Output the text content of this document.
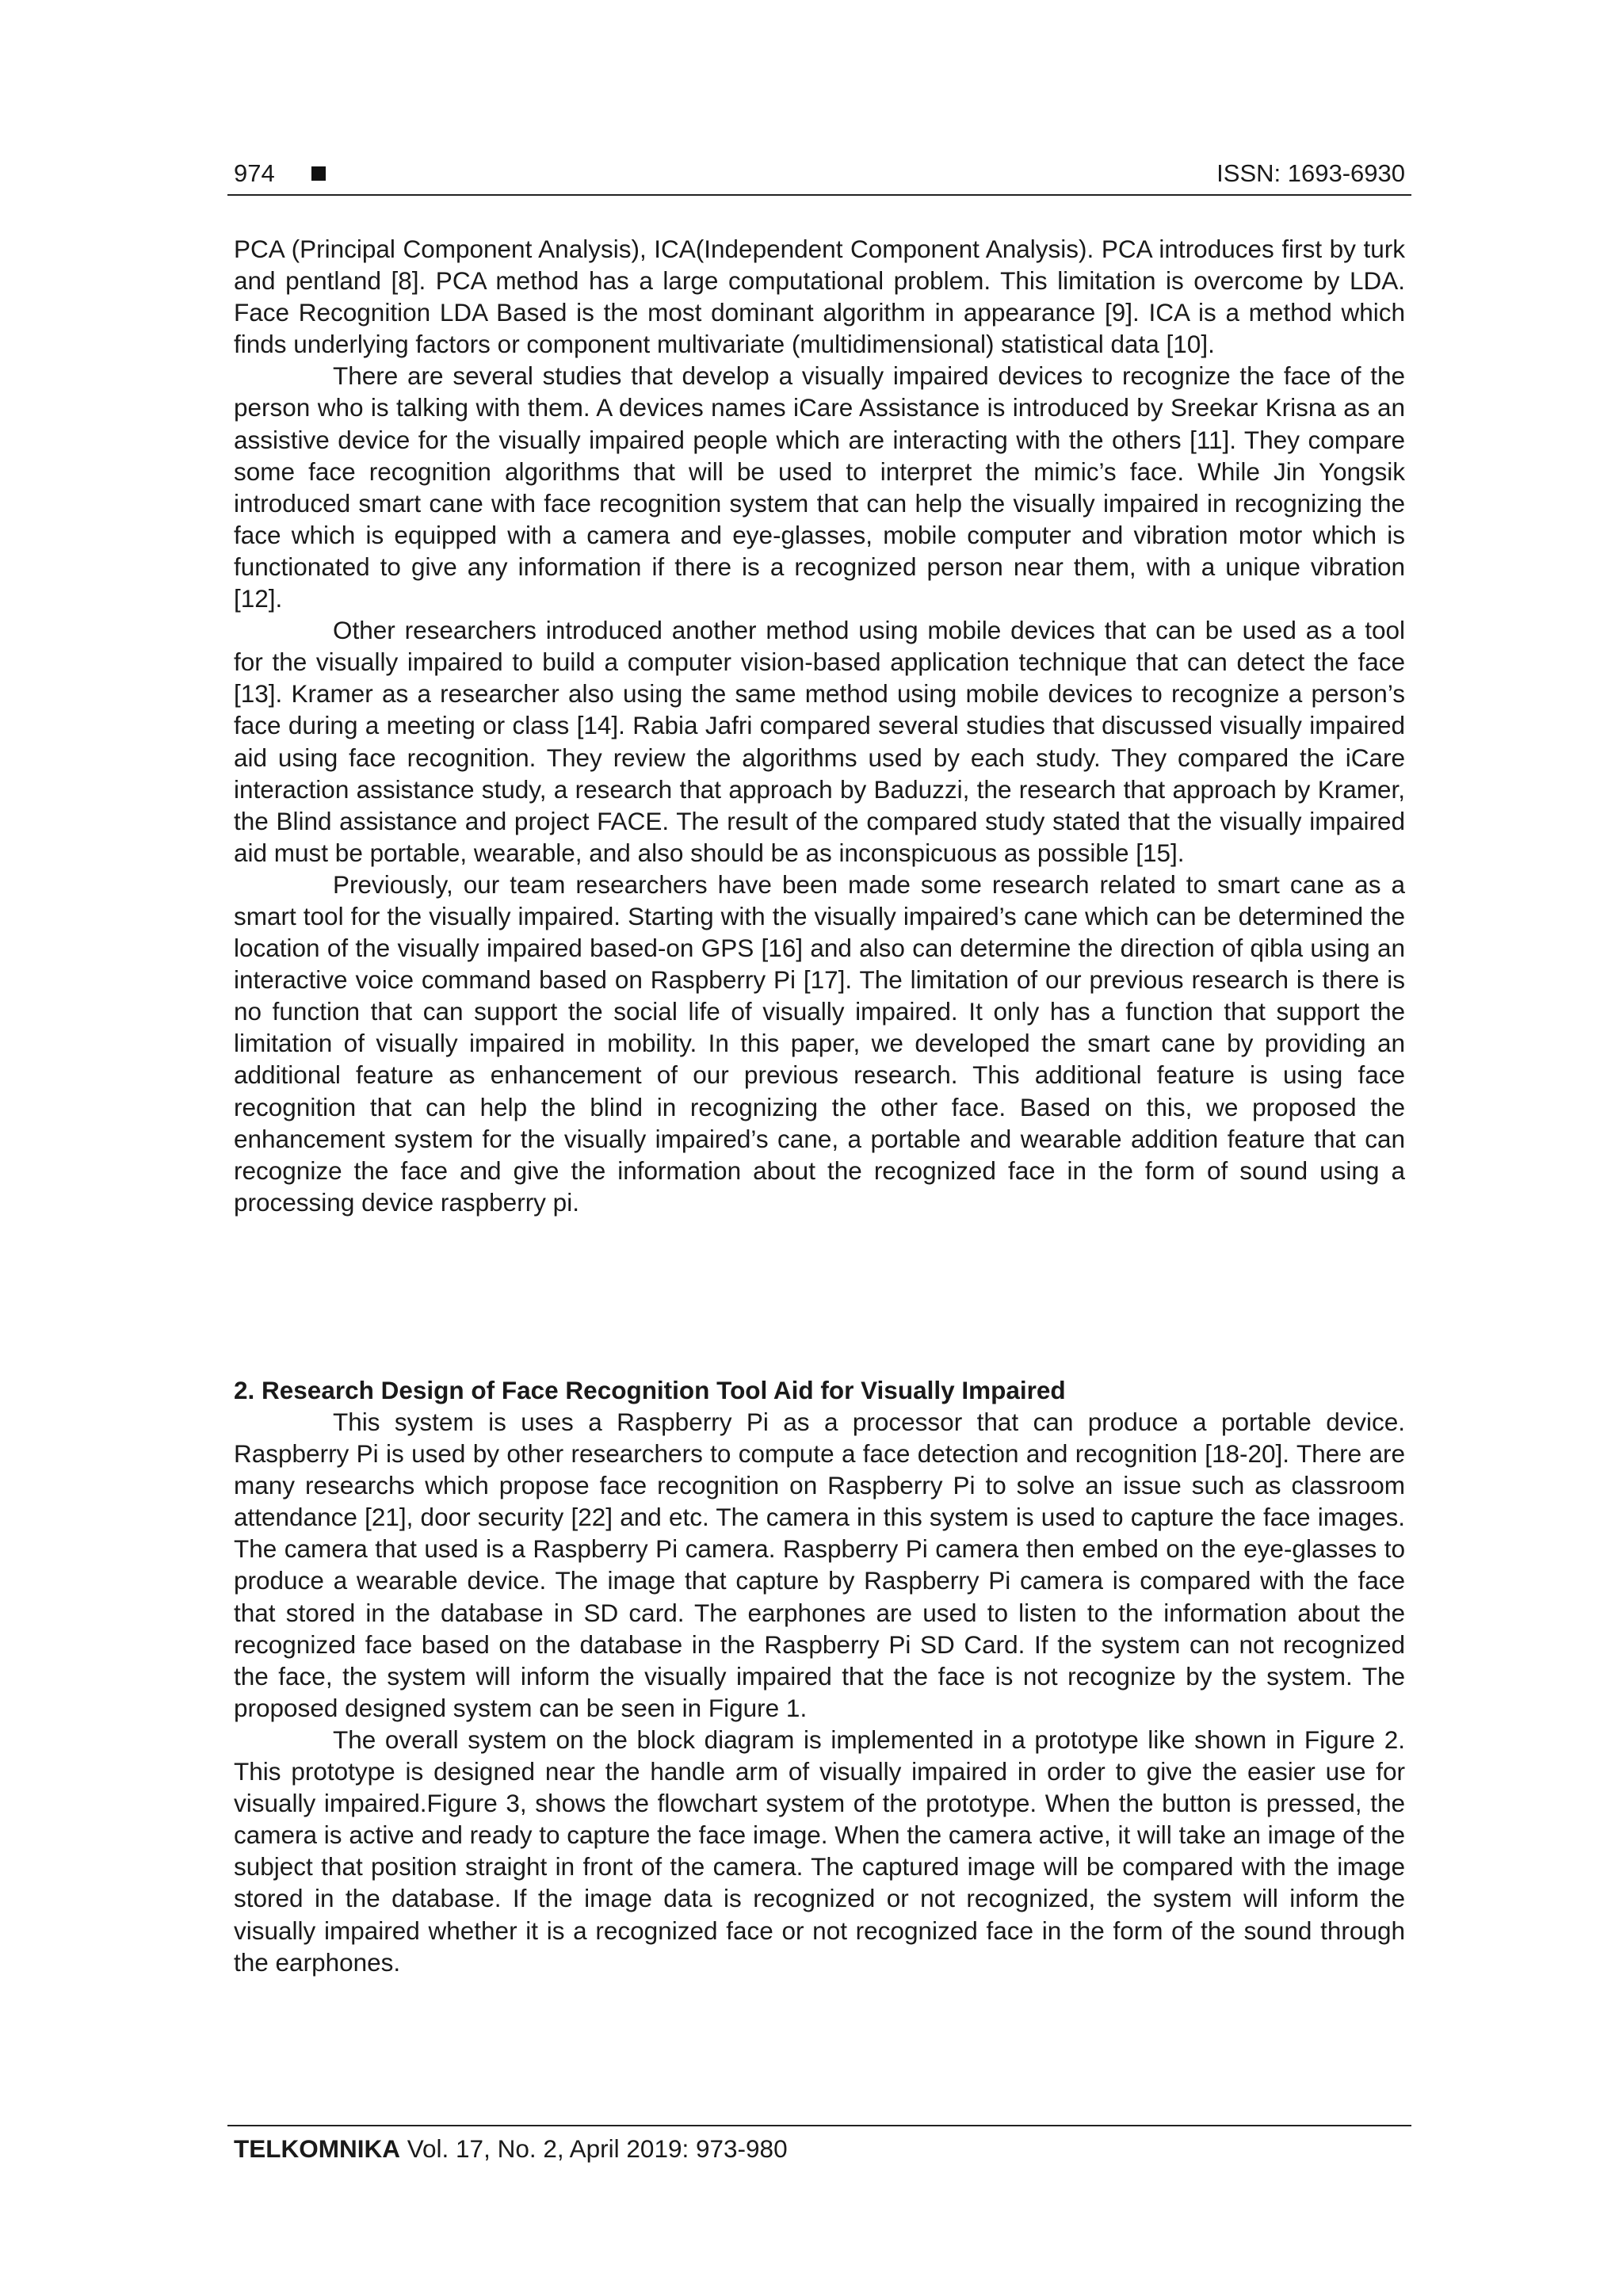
974	ISSN: 1693-6930

PCA (Principal Component Analysis), ICA(Independent Component Analysis). PCA introduces first by turk and pentland [8]. PCA method has a large computational problem. This limitation is overcome by LDA. Face Recognition LDA Based is the most dominant algorithm in appearance [9]. ICA is a method which finds underlying factors or component multivariate (multidimensional) statistical data [10].

There are several studies that develop a visually impaired devices to recognize the face of the person who is talking with them. A devices names iCare Assistance is introduced by Sreekar Krisna as an assistive device for the visually impaired people which are interacting with the others [11]. They compare some face recognition algorithms that will be used to interpret the mimic’s face. While Jin Yongsik introduced smart cane with face recognition system that can help the visually impaired in recognizing the face which is equipped with a camera and eye-glasses, mobile computer and vibration motor which is functionated to give any information if there is a recognized person near them, with a unique vibration [12].

Other researchers introduced another method using mobile devices that can be used as a tool for the visually impaired to build a computer vision-based application technique that can detect the face [13]. Kramer as a researcher also using the same method using mobile devices to recognize a person’s face during a meeting or class [14]. Rabia Jafri compared several studies that discussed visually impaired aid using face recognition. They review the algorithms used by each study. They compared the iCare interaction assistance study, a research that approach by Baduzzi, the research that approach by Kramer, the Blind assistance and project FACE. The result of the compared study stated that the visually impaired aid must be portable, wearable, and also should be as inconspicuous as possible [15].

Previously, our team researchers have been made some research related to smart cane as a smart tool for the visually impaired. Starting with the visually impaired’s cane which can be determined the location of the visually impaired based-on GPS [16] and also can determine the direction of qibla using an interactive voice command based on Raspberry Pi [17]. The limitation of our previous research is there is no function that can support the social life of visually impaired. It only has a function that support the limitation of visually impaired in mobility. In this paper, we developed the smart cane by providing an additional feature as enhancement of our previous research. This additional feature is using face recognition that can help the blind in recognizing the other face. Based on this, we proposed the enhancement system for the visually impaired’s cane, a portable and wearable addition feature that can recognize the face and give the information about the recognized face in the form of sound using a processing device raspberry pi.

2. Research Design of Face Recognition Tool Aid for Visually Impaired

This system is uses a Raspberry Pi as a processor that can produce a portable device. Raspberry Pi is used by other researchers to compute a face detection and recognition [18-20]. There are many researchs which propose face recognition on Raspberry Pi to solve an issue such as classroom attendance [21], door security [22] and etc. The camera in this system is used to capture the face images. The camera that used is a Raspberry Pi camera. Raspberry Pi camera then embed on the eye-glasses to produce a wearable device. The image that capture by Raspberry Pi camera is compared with the face that stored in the database in SD card. The earphones are used to listen to the information about the recognized face based on the database in the Raspberry Pi SD Card. If the system can not recognized the face, the system will inform the visually impaired that the face is not recognize by the system. The proposed designed system can be seen in Figure 1.

The overall system on the block diagram is implemented in a prototype like shown in Figure 2. This prototype is designed near the handle arm of visually impaired in order to give the easier use for visually impaired.Figure 3, shows the flowchart system of the prototype. When the button is pressed, the camera is active and ready to capture the face image. When the camera active, it will take an image of the subject that position straight in front of the camera. The captured image will be compared with the image stored in the database. If the image data is recognized or not recognized, the system will inform the visually impaired whether it is a recognized face or not recognized face in the form of the sound through the earphones.

TELKOMNIKA Vol. 17, No. 2, April 2019: 973-980
